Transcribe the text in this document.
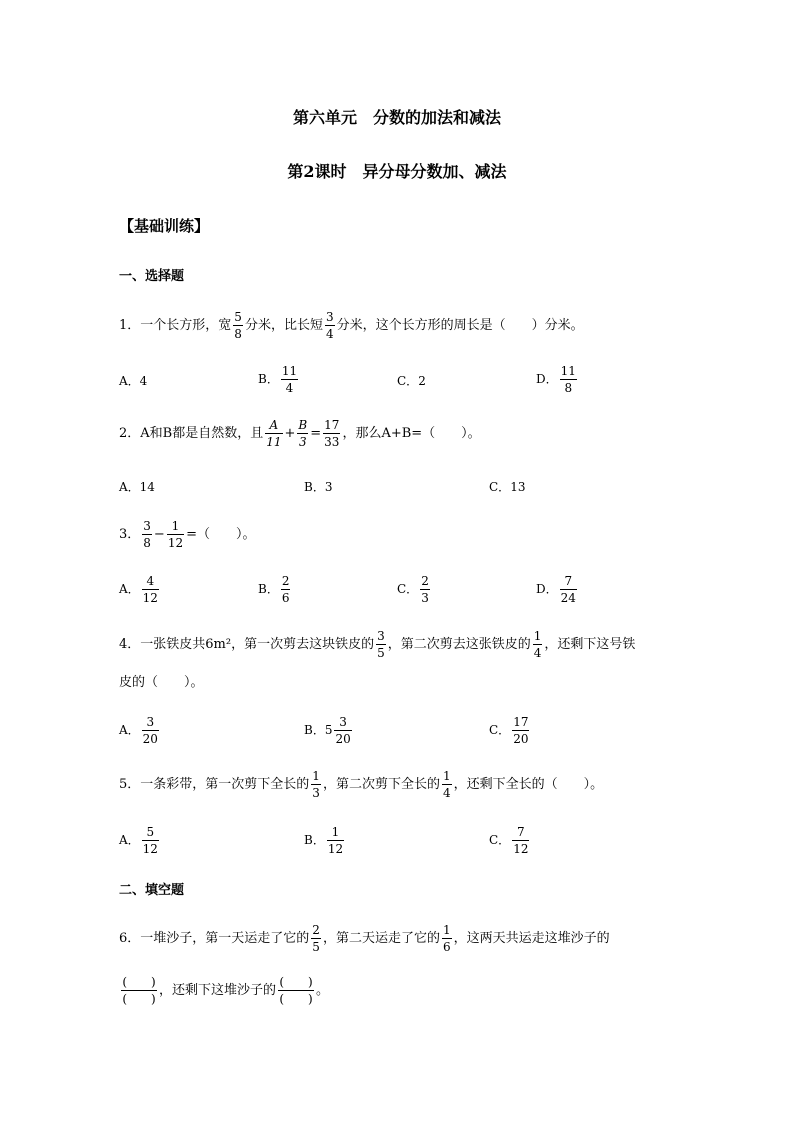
第六单元　分数的加法和减法
第2课时　异分母分数加、减法
【基础训练】
一、选择题
1．一个长方形，宽 $\frac{5}{8}$ 分米，比长短 $\frac{3}{4}$ 分米，这个长方形的周长是（　　）分米。
A．4	B． $\frac{11}{4}$	C．2	D． $\frac{11}{8}$
2．A和B都是自然数，且 $\frac{A}{11} + \frac{B}{3} = \frac{17}{33}$ ，那么A+B=（　　）。
A．14	B．3	C．13
3． $\frac{3}{8} - \frac{1}{12}$ =（　　）。
A． $\frac{4}{12}$	B． $\frac{2}{6}$	C． $\frac{2}{3}$	D． $\frac{7}{24}$
4．一张铁皮共6m²，第一次剪去这块铁皮的 $\frac{3}{5}$ ，第二次剪去这张铁皮的 $\frac{1}{4}$ ，还剩下这号铁
皮的（　　）。
A． $\frac{3}{20}$	B．$5 \frac{3}{20}$	C． $\frac{17}{20}$
5．一条彩带，第一次剪下全长的 $\frac{1}{3}$ ，第二次剪下全长的 $\frac{1}{4}$ ，还剩下全长的（　　）。
A． $\frac{5}{12}$	B． $\frac{1}{12}$	C． $\frac{7}{12}$
二、填空题
6．一堆沙子，第一天运走了它的 $\frac{2}{5}$ ，第二天运走了它的 $\frac{1}{6}$ ，这两天共运走这堆沙子的
$\frac{( )}{( )}$ ，还剩下这堆沙子的 $\frac{( )}{( )}$ 。
